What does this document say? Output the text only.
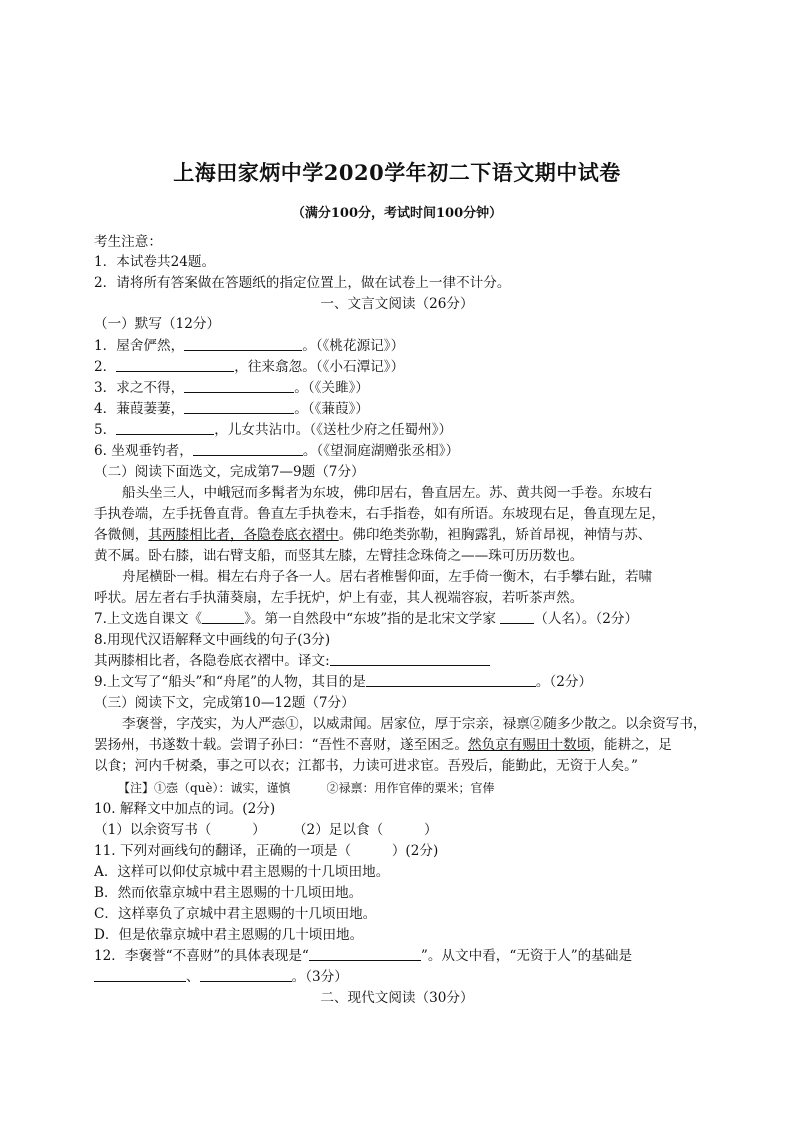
上海田家炳中学2020学年初二下语文期中试卷
（满分100分，考试时间100分钟）
考生注意：
1．本试卷共24题。
2．请将所有答案做在答题纸的指定位置上，做在试卷上一律不计分。
一、文言文阅读（26分）
（一）默写（12分）
1．屋舍俨然，	。（《桃花源记》）
2．	，往来翕忽。（《小石潭记》）
3．求之不得，	。（《关雎》）
4．蒹葭萋萋，	。（《蒹葭》）
5．	，儿女共沾巾。（《送杜少府之任蜀州》）
6. 坐观垂钓者，	。（《望洞庭湖赠张丞相》）
（二）阅读下面选文，完成第7—9题（7分）
船头坐三人，中峨冠而多髯者为东坡，佛印居右，鲁直居左。苏、黄共阅一手卷。东坡右
手执卷端，左手抚鲁直背。鲁直左手执卷末，右手指卷，如有所语。东坡现右足，鲁直现左足，
各微侧，其两膝相比者，各隐卷底衣褶中。佛印绝类弥勒，袒胸露乳，矫首昂视，神情与苏、
黄不属。卧右膝，诎右臂支船，而竖其左膝，左臂挂念珠倚之——珠可历历数也。
舟尾横卧一楫。楫左右舟子各一人。居右者椎髻仰面，左手倚一衡木，右手攀右趾，若啸
呼状。居左者右手执蒲葵扇，左手抚炉，炉上有壶，其人视端容寂，若听茶声然。
7.上文选自课文《	》。第一自然段中“东坡”指的是北宋文学家	（人名）。（2分）
8.用现代汉语解释文中画线的句子(3分)
其两膝相比者，各隐卷底衣褶中。译文:
9.上文写了“船头”和“舟尾”的人物，其目的是	。（2分）
（三）阅读下文，完成第10—12题（7分）
李褒誉，字茂实，为人严悫①，以威肃闻。居家位，厚于宗亲，禄禀②随多少散之。以余资写书，
罢扬州，书遂数十载。尝谓子孙曰：“吾性不喜财，遂至困乏。然负京有赐田十数顷，能耕之，足
以食；河内千树桑，事之可以衣；江都书，力读可进求宦。吾殁后，能勤此，无资于人矣。”
【注】①悫（què）：诚实，谨慎　　　②禄禀：用作官俸的粟米；官俸
10. 解释文中加点的词。(2分)
（1）以余资写书（　　　）　　　（2）足以食（　　　）
11. 下列对画线句的翻译，正确的一项是（　　　）(2分)
A．这样可以仰仗京城中君主恩赐的十几顷田地。
B．然而依靠京城中君主恩赐的十几顷田地。
C．这样辜负了京城中君主恩赐的十几顷田地。
D．但是依靠京城中君主恩赐的几十顷田地。
12．李褒誉“不喜财”的具体表现是“	”。从文中看，“无资于人”的基础是
、	。（3分）
二、现代文阅读（30分）
